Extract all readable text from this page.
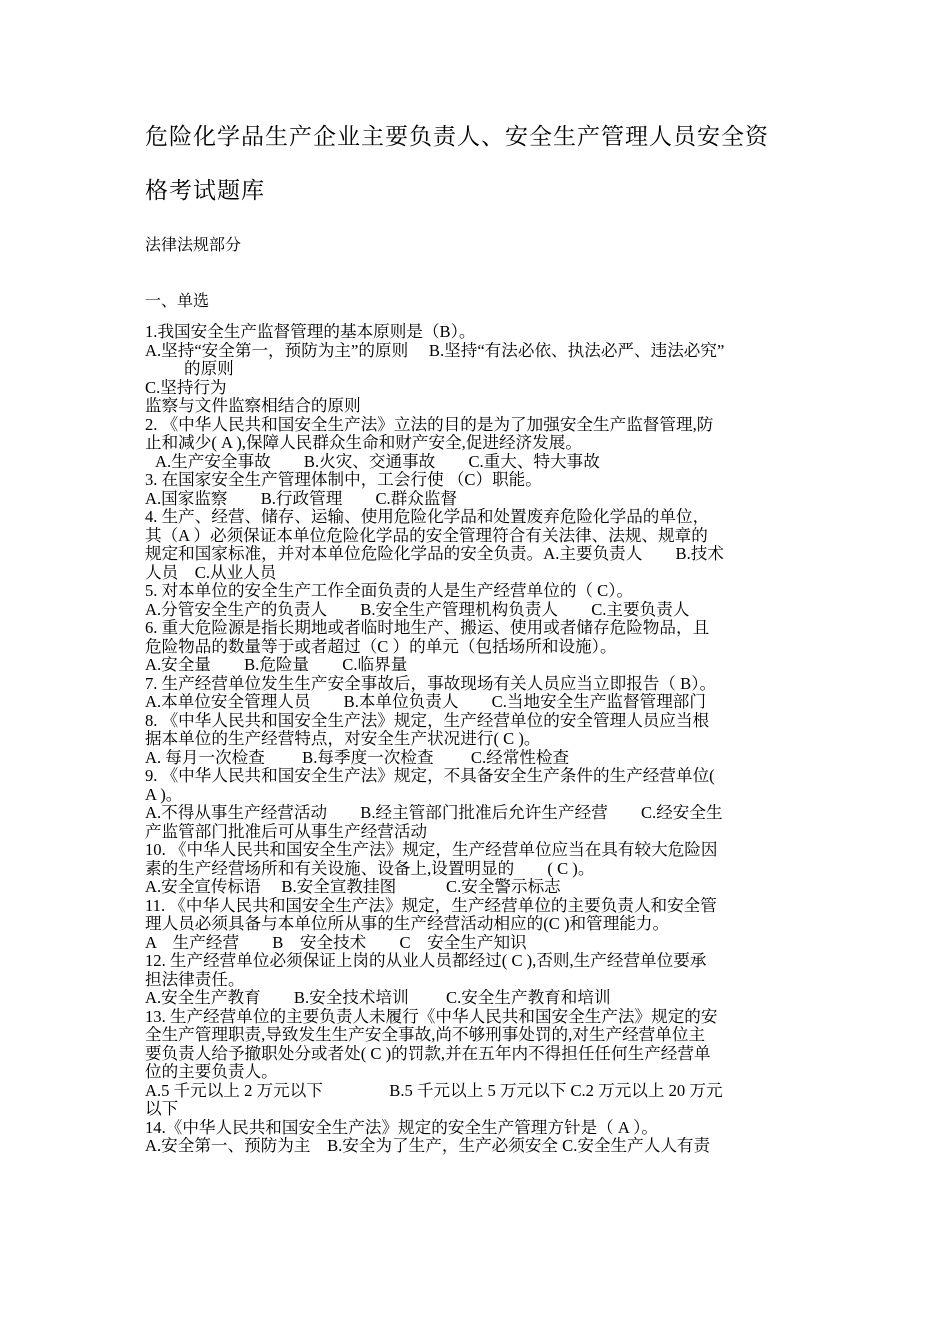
危险化学品生产企业主要负责人、安全生产管理人员安全资
格考试题库
法律法规部分
一、单选
1.我国安全生产监督管理的基本原则是（B）。
A.坚持“安全第一，预防为主”的原则　 B.坚持“有法必依、执法必严、违法必究”
的原则
C.坚持行为
监察与文件监察相结合的原则
2. 《中华人民共和国安全生产法》立法的目的是为了加强安全生产监督管理,防
止和减少( A ),保障人民群众生命和财产安全,促进经济发展。
A.生产安全事故　　B.火灾、交通事故　　C.重大、特大事故
3. 在国家安全生产管理体制中，工会行使 （C）职能。
A.国家监察　　B.行政管理　　C.群众监督
4. 生产、经营、储存、运输、使用危险化学品和处置废弃危险化学品的单位，
其（A ）必须保证本单位危险化学品的安全管理符合有关法律、法规、规章的
规定和国家标准，并对本单位危险化学品的安全负责。A.主要负责人　　B.技术
人员　C.从业人员
5. 对本单位的安全生产工作全面负责的人是生产经营单位的（ C）。
A.分管安全生产的负责人　　B.安全生产管理机构负责人　　C.主要负责人
6. 重大危险源是指长期地或者临时地生产、搬运、使用或者储存危险物品，且
危险物品的数量等于或者超过（C ）的单元（包括场所和设施）。
A.安全量　　B.危险量　　C.临界量
7. 生产经营单位发生生产安全事故后，事故现场有关人员应当立即报告（ B）。
A.本单位安全管理人员　　B.本单位负责人　　C.当地安全生产监督管理部门
8. 《中华人民共和国安全生产法》规定，生产经营单位的安全管理人员应当根
据本单位的生产经营特点，对安全生产状况进行( C )。
A. 每月一次检查　　 B.每季度一次检查　　 C.经常性检查
9. 《中华人民共和国安全生产法》规定，不具备安全生产条件的生产经营单位(
A )。
A.不得从事生产经营活动　　B.经主管部门批准后允许生产经营　　C.经安全生
产监管部门批准后可从事生产经营活动
10. 《中华人民共和国安全生产法》规定，生产经营单位应当在具有较大危险因
素的生产经营场所和有关设施、设备上,设置明显的　　( C )。
A.安全宣传标语　 B.安全宣教挂图　　　C.安全警示标志
11. 《中华人民共和国安全生产法》规定，生产经营单位的主要负责人和安全管
理人员必须具备与本单位所从事的生产经营活动相应的(C )和管理能力。
A　生产经营　　B　安全技术　　C　安全生产知识
12. 生产经营单位必须保证上岗的从业人员都经过( C ),否则,生产经营单位要承
担法律责任。
A.安全生产教育　　B.安全技术培训　　 C.安全生产教育和培训
13. 生产经营单位的主要负责人未履行《中华人民共和国安全生产法》规定的安
全生产管理职责,导致发生生产安全事故,尚不够刑事处罚的,对生产经营单位主
要负责人给予撤职处分或者处( C )的罚款,并在五年内不得担任任何生产经营单
位的主要负责人。
A.5 千元以上 2 万元以下　　　　B.5 千元以上 5 万元以下 C.2 万元以上 20 万元
以下
14.《中华人民共和国安全生产法》规定的安全生产管理方针是（ A ）。
A.安全第一、预防为主　B.安全为了生产，生产必须安全 C.安全生产人人有责
